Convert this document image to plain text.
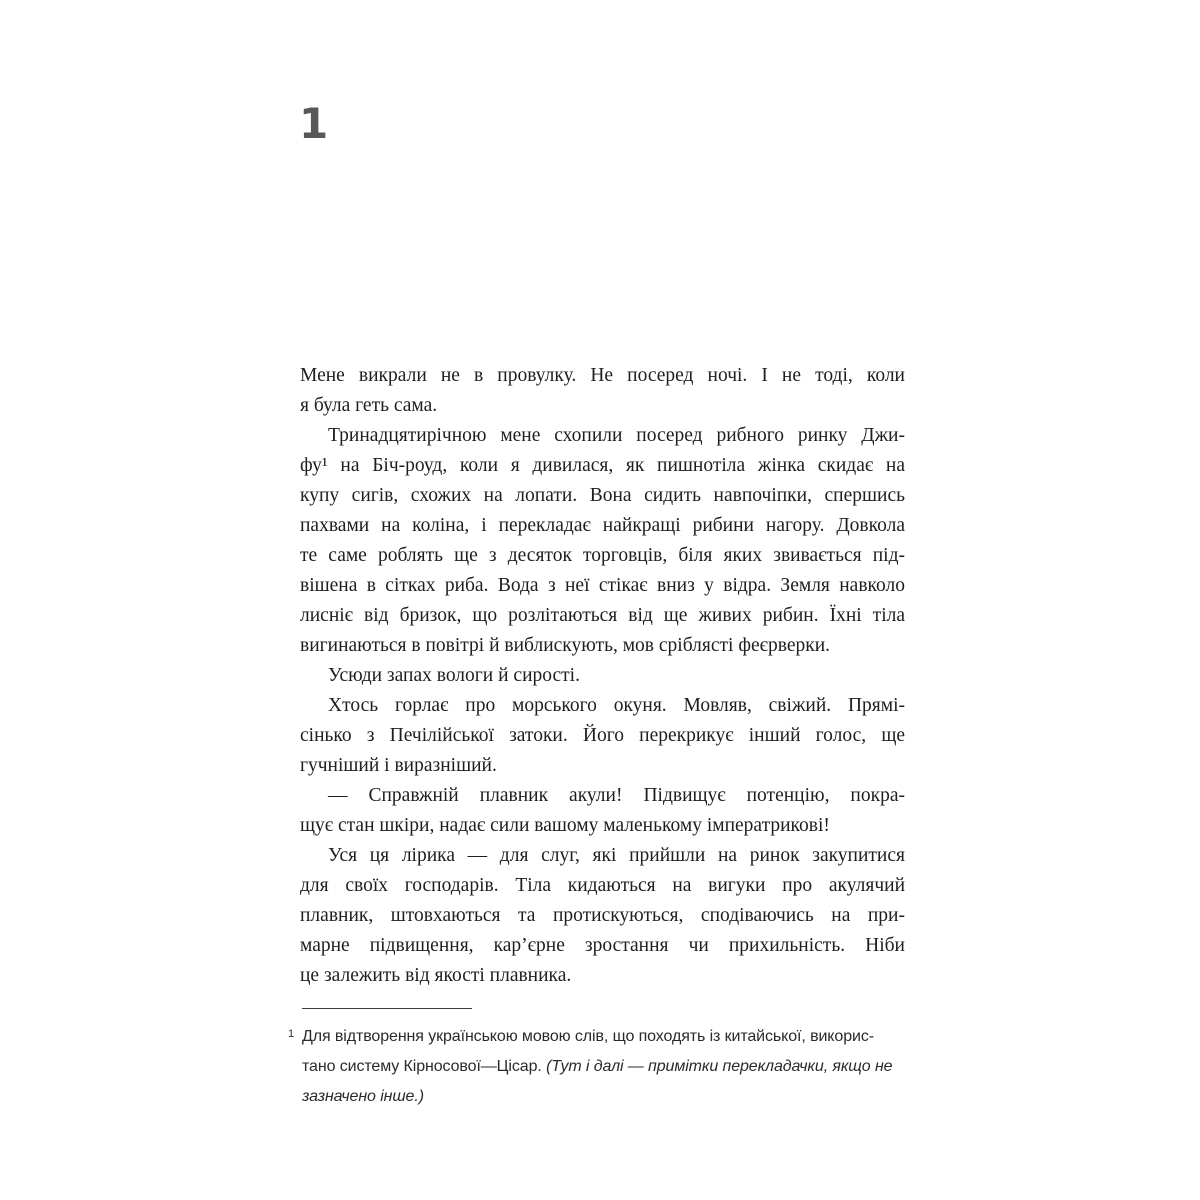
1
Мене викрали не в провулку. Не посеред ночі. І не тоді, коли
я була геть сама.
Тринадцятирічною мене схопили посеред рибного ринку Джи-
фу¹ на Біч-роуд, коли я дивилася, як пишнотіла жінка скидає на
купу сигів, схожих на лопати. Вона сидить навпочіпки, спершись
пахвами на коліна, і перекладає найкращі рибини нагору. Довкола
те саме роблять ще з десяток торговців, біля яких звивається під-
вішена в сітках риба. Вода з неї стікає вниз у відра. Земля навколо
лисніє від бризок, що розлітаються від ще живих рибин. Їхні тіла
вигинаються в повітрі й виблискують, мов сріблясті феєрверки.
Усюди запах вологи й сирості.
Хтось горлає про морського окуня. Мовляв, свіжий. Прямі-
сінько з Печілійської затоки. Його перекрикує інший голос, ще
гучніший і виразніший.
— Справжній плавник акули! Підвищує потенцію, покра-
щує стан шкіри, надає сили вашому маленькому імператрикові!
Уся ця лірика — для слуг, які прийшли на ринок закупитися
для своїх господарів. Тіла кидаються на вигуки про акулячий
плавник, штовхаються та протискуються, сподіваючись на при-
марне підвищення, кар’єрне зростання чи прихильність. Ніби
це залежить від якості плавника.
1 Для відтворення українською мовою слів, що походять із китайської, викорис-
тано систему Кірносової—Цісар. (Тут і далі — примітки перекладачки, якщо не
зазначено інше.)
